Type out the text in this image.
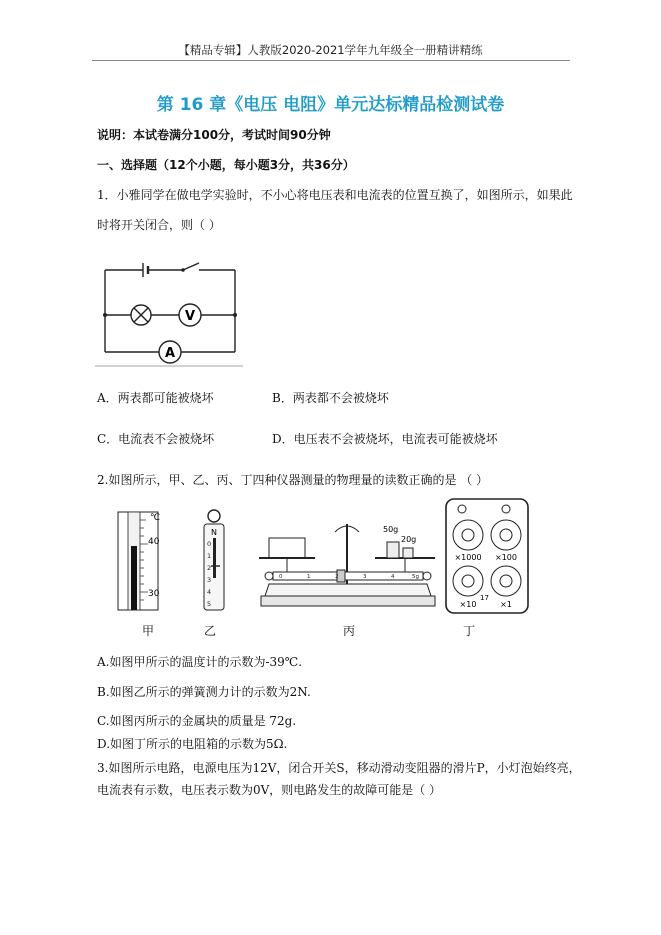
【精品专辑】人教版2020-2021学年九年级全一册精讲精练
第 16 章《电压 电阻》单元达标精品检测试卷
说明：本试卷满分100分，考试时间90分钟
一、选择题（12个小题，每小题3分，共36分）
1．小雅同学在做电学实验时，不小心将电压表和电流表的位置互换了，如图所示，如果此
时将开关闭合，则（ ）
V
A
A．两表都可能被烧坏	B．两表都不会被烧坏
C．电流表不会被烧坏	D．电压表不会被烧坏，电流表可能被烧坏
2.如图所示，甲、乙、丙、丁四种仪器测量的物理量的读数正确的是 （ ）
℃
40
30
N
0
1
2
3
4
5
50g
20g
0	1	2	3	4	5g
×1000 ×100
×10	×1
17
甲	乙	丙	丁
A.如图甲所示的温度计的示数为-39℃.
B.如图乙所示的弹簧测力计的示数为2N.
C.如图丙所示的金属块的质量是 72g.
D.如图丁所示的电阻箱的示数为5Ω.
3.如图所示电路，电源电压为12V，闭合开关S，移动滑动变阻器的滑片P，小灯泡始终亮，
电流表有示数，电压表示数为0V，则电路发生的故障可能是（ ）
